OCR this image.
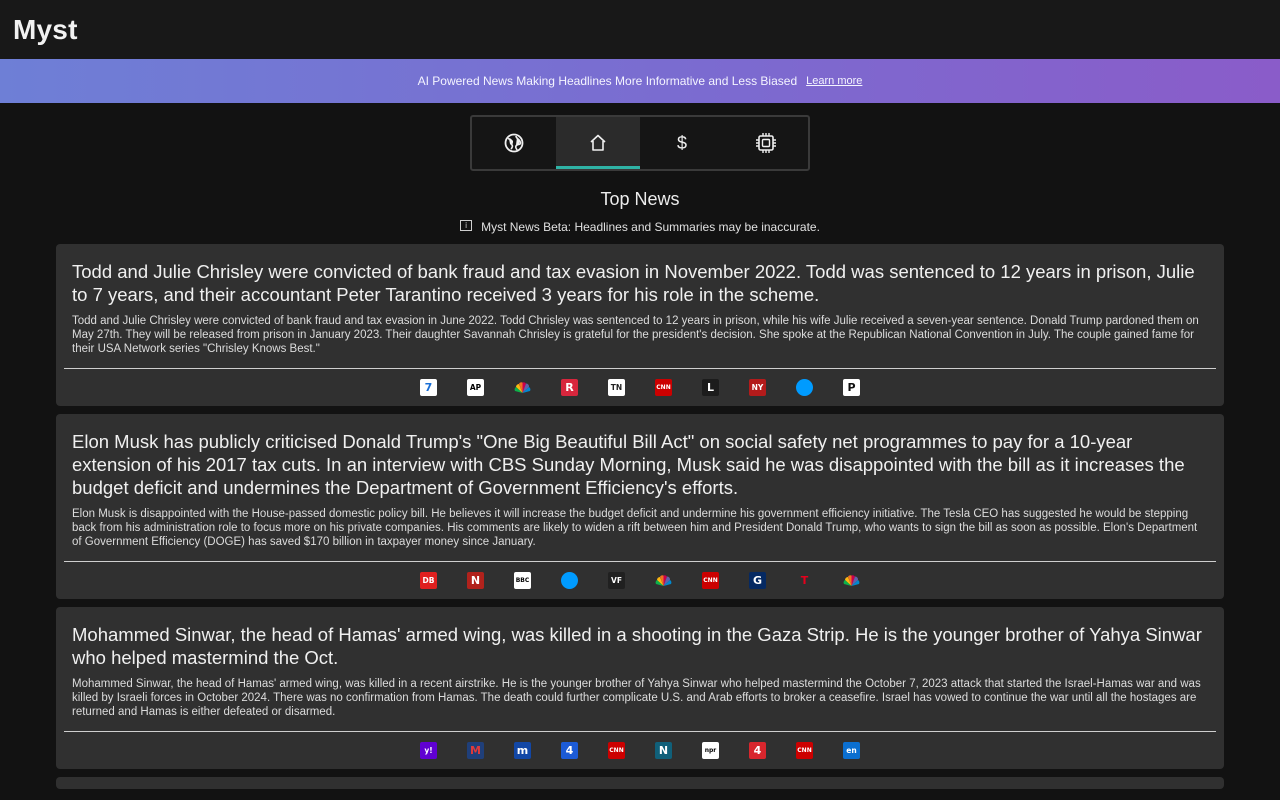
Myst
AI Powered News Making Headlines More Informative and Less Biased Learn more
$
Top News
i	Myst News Beta: Headlines and Summaries may be inaccurate.
Todd and Julie Chrisley were convicted of bank fraud and tax evasion in November 2022. Todd was sentenced to 12 years in prison, Julie to 7 years, and their accountant Peter Tarantino received 3 years for his role in the scheme.
Todd and Julie Chrisley were convicted of bank fraud and tax evasion in June 2022. Todd Chrisley was sentenced to 12 years in prison, while his wife Julie received a seven-year sentence. Donald Trump pardoned them on May 27th. They will be released from prison in January 2023. Their daughter Savannah Chrisley is grateful for the president's decision. She spoke at the Republican National Convention in July. The couple gained fame for their USA Network series "Chrisley Knows Best."
7	AP	R	TN	CNN	L	NY	P
Elon Musk has publicly criticised Donald Trump's "One Big Beautiful Bill Act" on social safety net programmes to pay for a 10-year extension of his 2017 tax cuts. In an interview with CBS Sunday Morning, Musk said he was disappointed with the bill as it increases the budget deficit and undermines the Department of Government Efficiency's efforts.
Elon Musk is disappointed with the House-passed domestic policy bill. He believes it will increase the budget deficit and undermine his government efficiency initiative. The Tesla CEO has suggested he would be stepping back from his administration role to focus more on his private companies. His comments are likely to widen a rift between him and President Donald Trump, who wants to sign the bill as soon as possible. Elon's Department of Government Efficiency (DOGE) has saved $170 billion in taxpayer money since January.
DB	N	BBC	VF	CNN	G	T
Mohammed Sinwar, the head of Hamas' armed wing, was killed in a shooting in the Gaza Strip. He is the younger brother of Yahya Sinwar who helped mastermind the Oct.
Mohammed Sinwar, the head of Hamas' armed wing, was killed in a recent airstrike. He is the younger brother of Yahya Sinwar who helped mastermind the October 7, 2023 attack that started the Israel-Hamas war and was killed by Israeli forces in October 2024. There was no confirmation from Hamas. The death could further complicate U.S. and Arab efforts to broker a ceasefire. Israel has vowed to continue the war until all the hostages are returned and Hamas is either defeated or disarmed.
y!	M	m	4	CNN	N	npr	4	CNN	en
